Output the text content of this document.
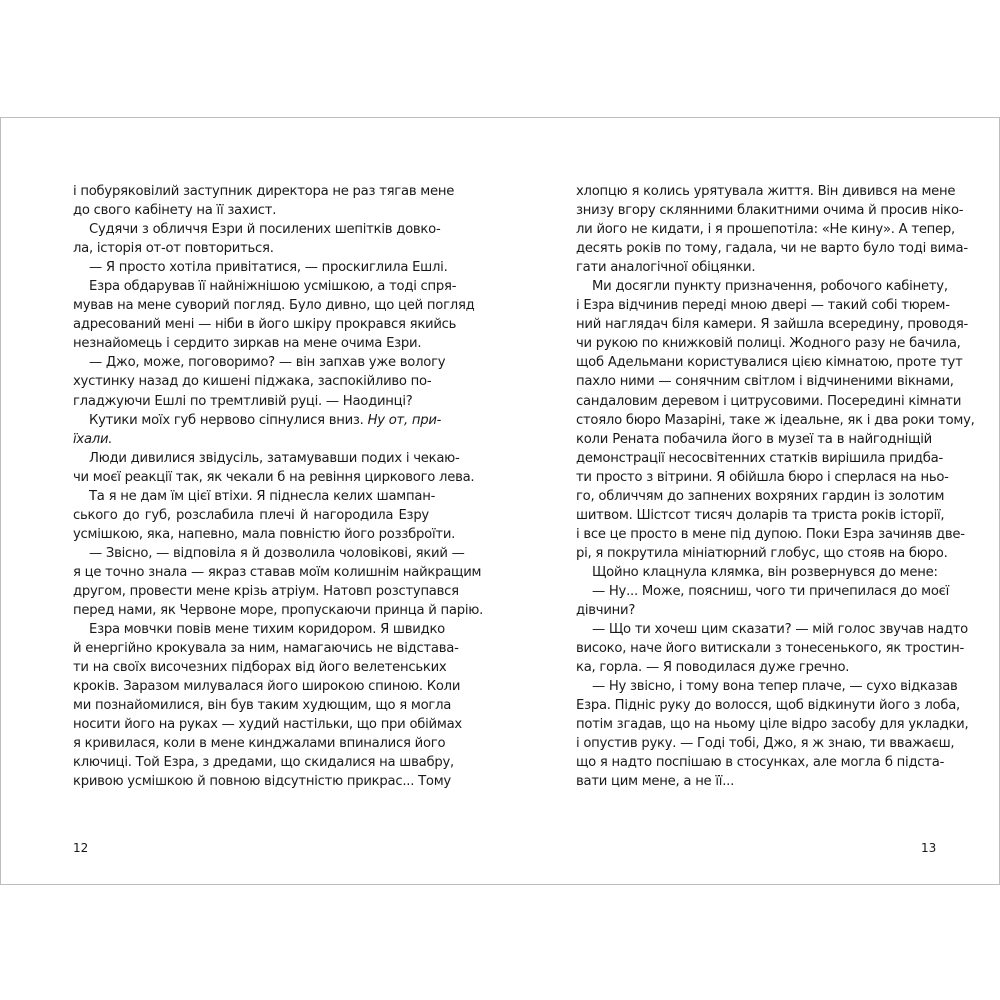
і побуряковілий заступник директора не раз тягав мене
до свого кабінету на її захист.
Судячи з обличчя Езри й посилених шепітків довко-
ла, історія от-от повториться.
— Я просто хотіла привітатися, — проскиглила Ешлі.
Езра обдарував її найніжнішою усмішкою, а тоді спря-
мував на мене суворий погляд. Було дивно, що цей погляд
адресований мені — ніби в його шкіру прокрався якийсь
незнайомець і сердито зиркав на мене очима Езри.
— Джо, може, поговоримо? — він запхав уже вологу
хустинку назад до кишені піджака, заспокійливо по-
гладжуючи Ешлі по тремтливій руці. — Наодинці?
Кутики моїх губ нервово сіпнулися вниз. Ну от, при-
їхали.
Люди дивилися звідусіль, затамувавши подих і чекаю-
чи моєї реакції так, як чекали б на ревіння циркового лева.
Та я не дам їм цієї втіхи. Я піднесла келих шампан-
ського до губ, розслабила плечі й нагородила Езру
усмішкою, яка, напевно, мала повністю його роззброїти.
— Звісно, — відповіла я й дозволила чоловікові, який —
я це точно знала — якраз ставав моїм колишнім найкращим
другом, провести мене крізь атріум. Натовп розступався
перед нами, як Червоне море, пропускаючи принца й парію.
Езра мовчки повів мене тихим коридором. Я швидко
й енергійно крокувала за ним, намагаючись не відстава-
ти на своїх височезних підборах від його велетенських
кроків. Заразом милувалася його широкою спиною. Коли
ми познайомилися, він був таким худющим, що я могла
носити його на руках — худий настільки, що при обіймах
я кривилася, коли в мене кинджалами впиналися його
ключиці. Той Езра, з дредами, що скидалися на швабру,
кривою усмішкою й повною відсутністю прикрас... Тому
12
хлопцю я колись урятувала життя. Він дивився на мене
знизу вгору склянними блакитними очима й просив ніко-
ли його не кидати, і я прошепотіла: «Не кину». А тепер,
десять років по тому, гадала, чи не варто було тоді вима-
гати аналогічної обіцянки.
Ми досягли пункту призначення, робочого кабінету,
і Езра відчинив переді мною двері — такий собі тюрем-
ний наглядач біля камери. Я зайшла всередину, проводя-
чи рукою по книжковій полиці. Жодного разу не бачила,
щоб Адельмани користувалися цією кімнатою, проте тут
пахло ними — сонячним світлом і відчиненими вікнами,
сандаловим деревом і цитрусовими. Посередині кімнати
стояло бюро Мазаріні, таке ж ідеальне, як і два роки тому,
коли Рената побачила його в музеї та в найгодніщій
демонстрації несосвітенних статків вирішила придба-
ти просто з вітрини. Я обійшла бюро і сперлася на ньо-
го, обличчям до запнених вохряних гардин із золотим
шитвом. Шістсот тисяч доларів та триста років історії,
і все це просто в мене під дупою. Поки Езра зачиняв две-
рі, я покрутила мініатюрний глобус, що стояв на бюро.
Щойно клацнула клямка, він розвернувся до мене:
— Ну... Може, поясниш, чого ти причепилася до моєї
дівчини?
— Що ти хочеш цим сказати? — мій голос звучав надто
високо, наче його витискали з тонесенького, як тростин-
ка, горла. — Я поводилася дуже гречно.
— Ну звісно, і тому вона тепер плаче, — сухо відказав
Езра. Підніс руку до волосся, щоб відкинути його з лоба,
потім згадав, що на ньому ціле відро засобу для укладки,
і опустив руку. — Годі тобі, Джо, я ж знаю, ти вважаєш,
що я надто поспішаю в стосунках, але могла б підста-
вати цим мене, а не її...
13
